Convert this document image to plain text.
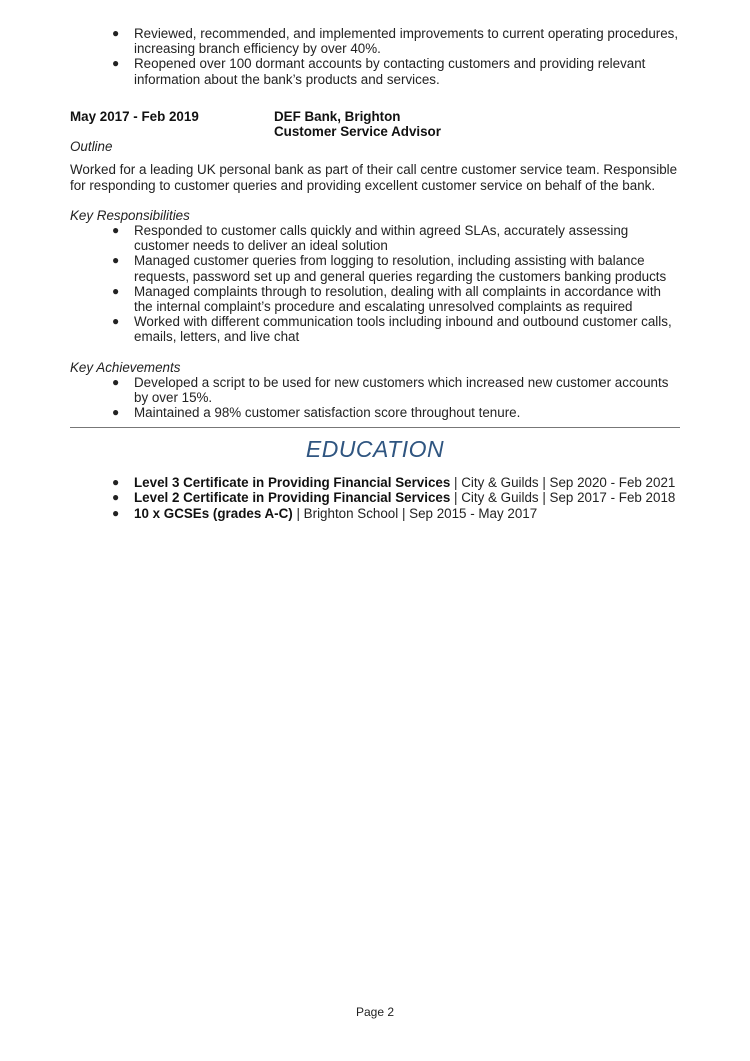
● Reviewed, recommended, and implemented improvements to current operating procedures, increasing branch efficiency by over 40%.
● Reopened over 100 dormant accounts by contacting customers and providing relevant information about the bank’s products and services.
May 2017 - Feb 2019	DEF Bank, Brighton
Customer Service Advisor
Outline
Worked for a leading UK personal bank as part of their call centre customer service team. Responsible for responding to customer queries and providing excellent customer service on behalf of the bank.
Key Responsibilities
● Responded to customer calls quickly and within agreed SLAs, accurately assessing customer needs to deliver an ideal solution
● Managed customer queries from logging to resolution, including assisting with balance requests, password set up and general queries regarding the customers banking products
● Managed complaints through to resolution, dealing with all complaints in accordance with the internal complaint’s procedure and escalating unresolved complaints as required
● Worked with different communication tools including inbound and outbound customer calls, emails, letters, and live chat
Key Achievements
● Developed a script to be used for new customers which increased new customer accounts by over 15%.
● Maintained a 98% customer satisfaction score throughout tenure.
EDUCATION
● Level 3 Certificate in Providing Financial Services | City & Guilds | Sep 2020 - Feb 2021
● Level 2 Certificate in Providing Financial Services | City & Guilds | Sep 2017 - Feb 2018
● 10 x GCSEs (grades A-C) | Brighton School | Sep 2015 - May 2017
Page 2
